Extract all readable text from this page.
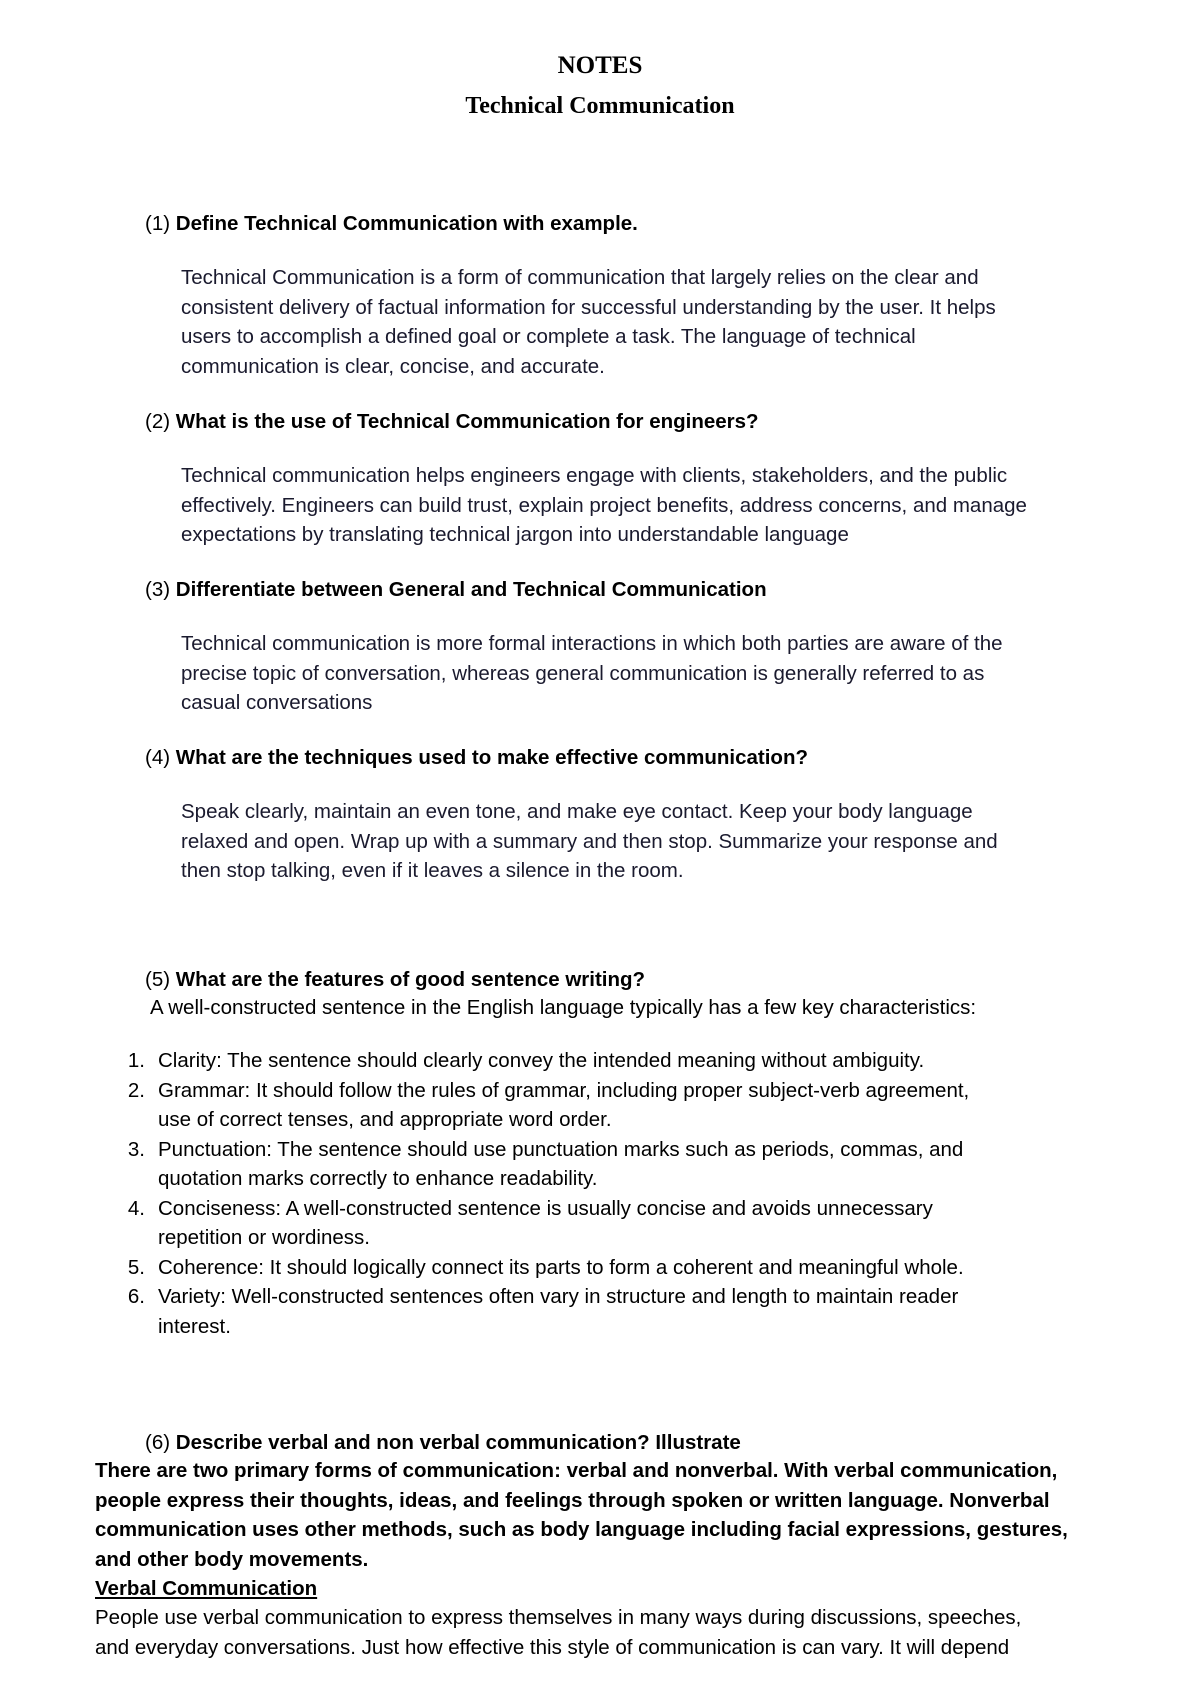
NOTES
Technical Communication
(1) Define Technical Communication with example.
Technical Communication is a form of communication that largely relies on the clear and
consistent delivery of factual information for successful understanding by the user. It helps
users to accomplish a defined goal or complete a task. The language of technical
communication is clear, concise, and accurate.
(2) What is the use of Technical Communication for engineers?
Technical communication helps engineers engage with clients, stakeholders, and the public
effectively. Engineers can build trust, explain project benefits, address concerns, and manage
expectations by translating technical jargon into understandable language
(3) Differentiate between General and Technical Communication
Technical communication is more formal interactions in which both parties are aware of the
precise topic of conversation, whereas general communication is generally referred to as
casual conversations
(4) What are the techniques used to make effective communication?
Speak clearly, maintain an even tone, and make eye contact. Keep your body language
relaxed and open. Wrap up with a summary and then stop. Summarize your response and
then stop talking, even if it leaves a silence in the room.
(5) What are the features of good sentence writing?
A well-constructed sentence in the English language typically has a few key characteristics:
1. Clarity: The sentence should clearly convey the intended meaning without ambiguity.
2. Grammar: It should follow the rules of grammar, including proper subject-verb agreement,
use of correct tenses, and appropriate word order.
3. Punctuation: The sentence should use punctuation marks such as periods, commas, and
quotation marks correctly to enhance readability.
4. Conciseness: A well-constructed sentence is usually concise and avoids unnecessary
repetition or wordiness.
5. Coherence: It should logically connect its parts to form a coherent and meaningful whole.
6. Variety: Well-constructed sentences often vary in structure and length to maintain reader
interest.
(6) Describe verbal and non verbal communication? Illustrate
There are two primary forms of communication: verbal and nonverbal. With verbal communication,
people express their thoughts, ideas, and feelings through spoken or written language. Nonverbal
communication uses other methods, such as body language including facial expressions, gestures,
and other body movements.
Verbal Communication
People use verbal communication to express themselves in many ways during discussions, speeches,
and everyday conversations. Just how effective this style of communication is can vary. It will depend
